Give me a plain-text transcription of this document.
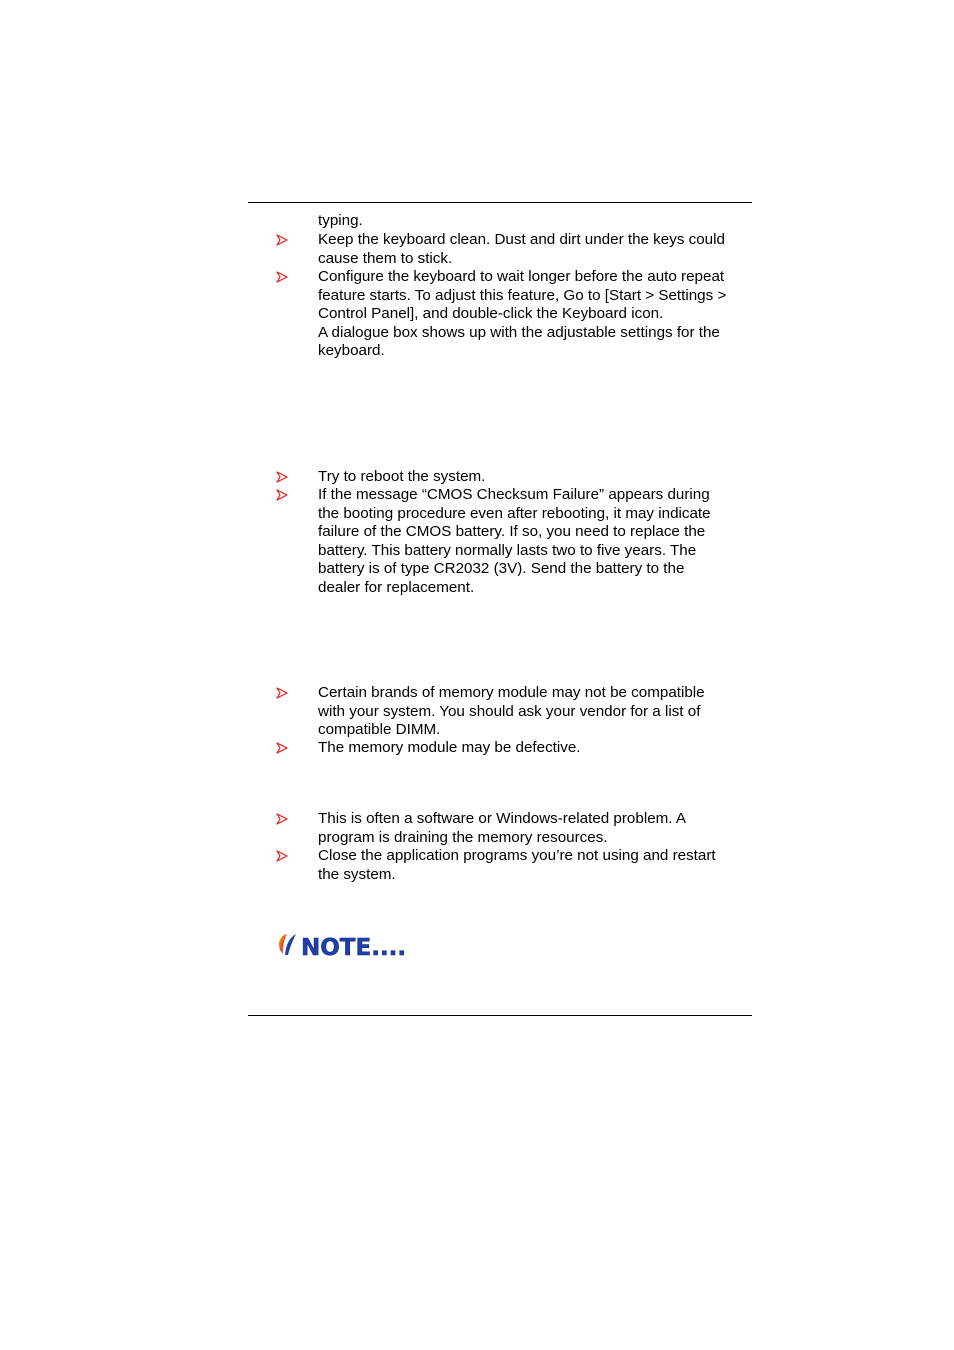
typing.
Keep the keyboard clean. Dust and dirt under the keys could
cause them to stick.
Configure the keyboard to wait longer before the auto repeat
feature starts. To adjust this feature, Go to [Start > Settings >
Control Panel], and double-click the Keyboard icon.
A dialogue box shows up with the adjustable settings for the
keyboard.
Try to reboot the system.
If the message “CMOS Checksum Failure” appears during
the booting procedure even after rebooting, it may indicate
failure of the CMOS battery. If so, you need to replace the
battery. This battery normally lasts two to five years. The
battery is of type CR2032 (3V). Send the battery to the
dealer for replacement.
Certain brands of memory module may not be compatible
with your system. You should ask your vendor for a list of
compatible DIMM.
The memory module may be defective.
This is often a software or Windows-related problem. A
program is draining the memory resources.
Close the application programs you’re not using and restart
the system.
NOTE....
